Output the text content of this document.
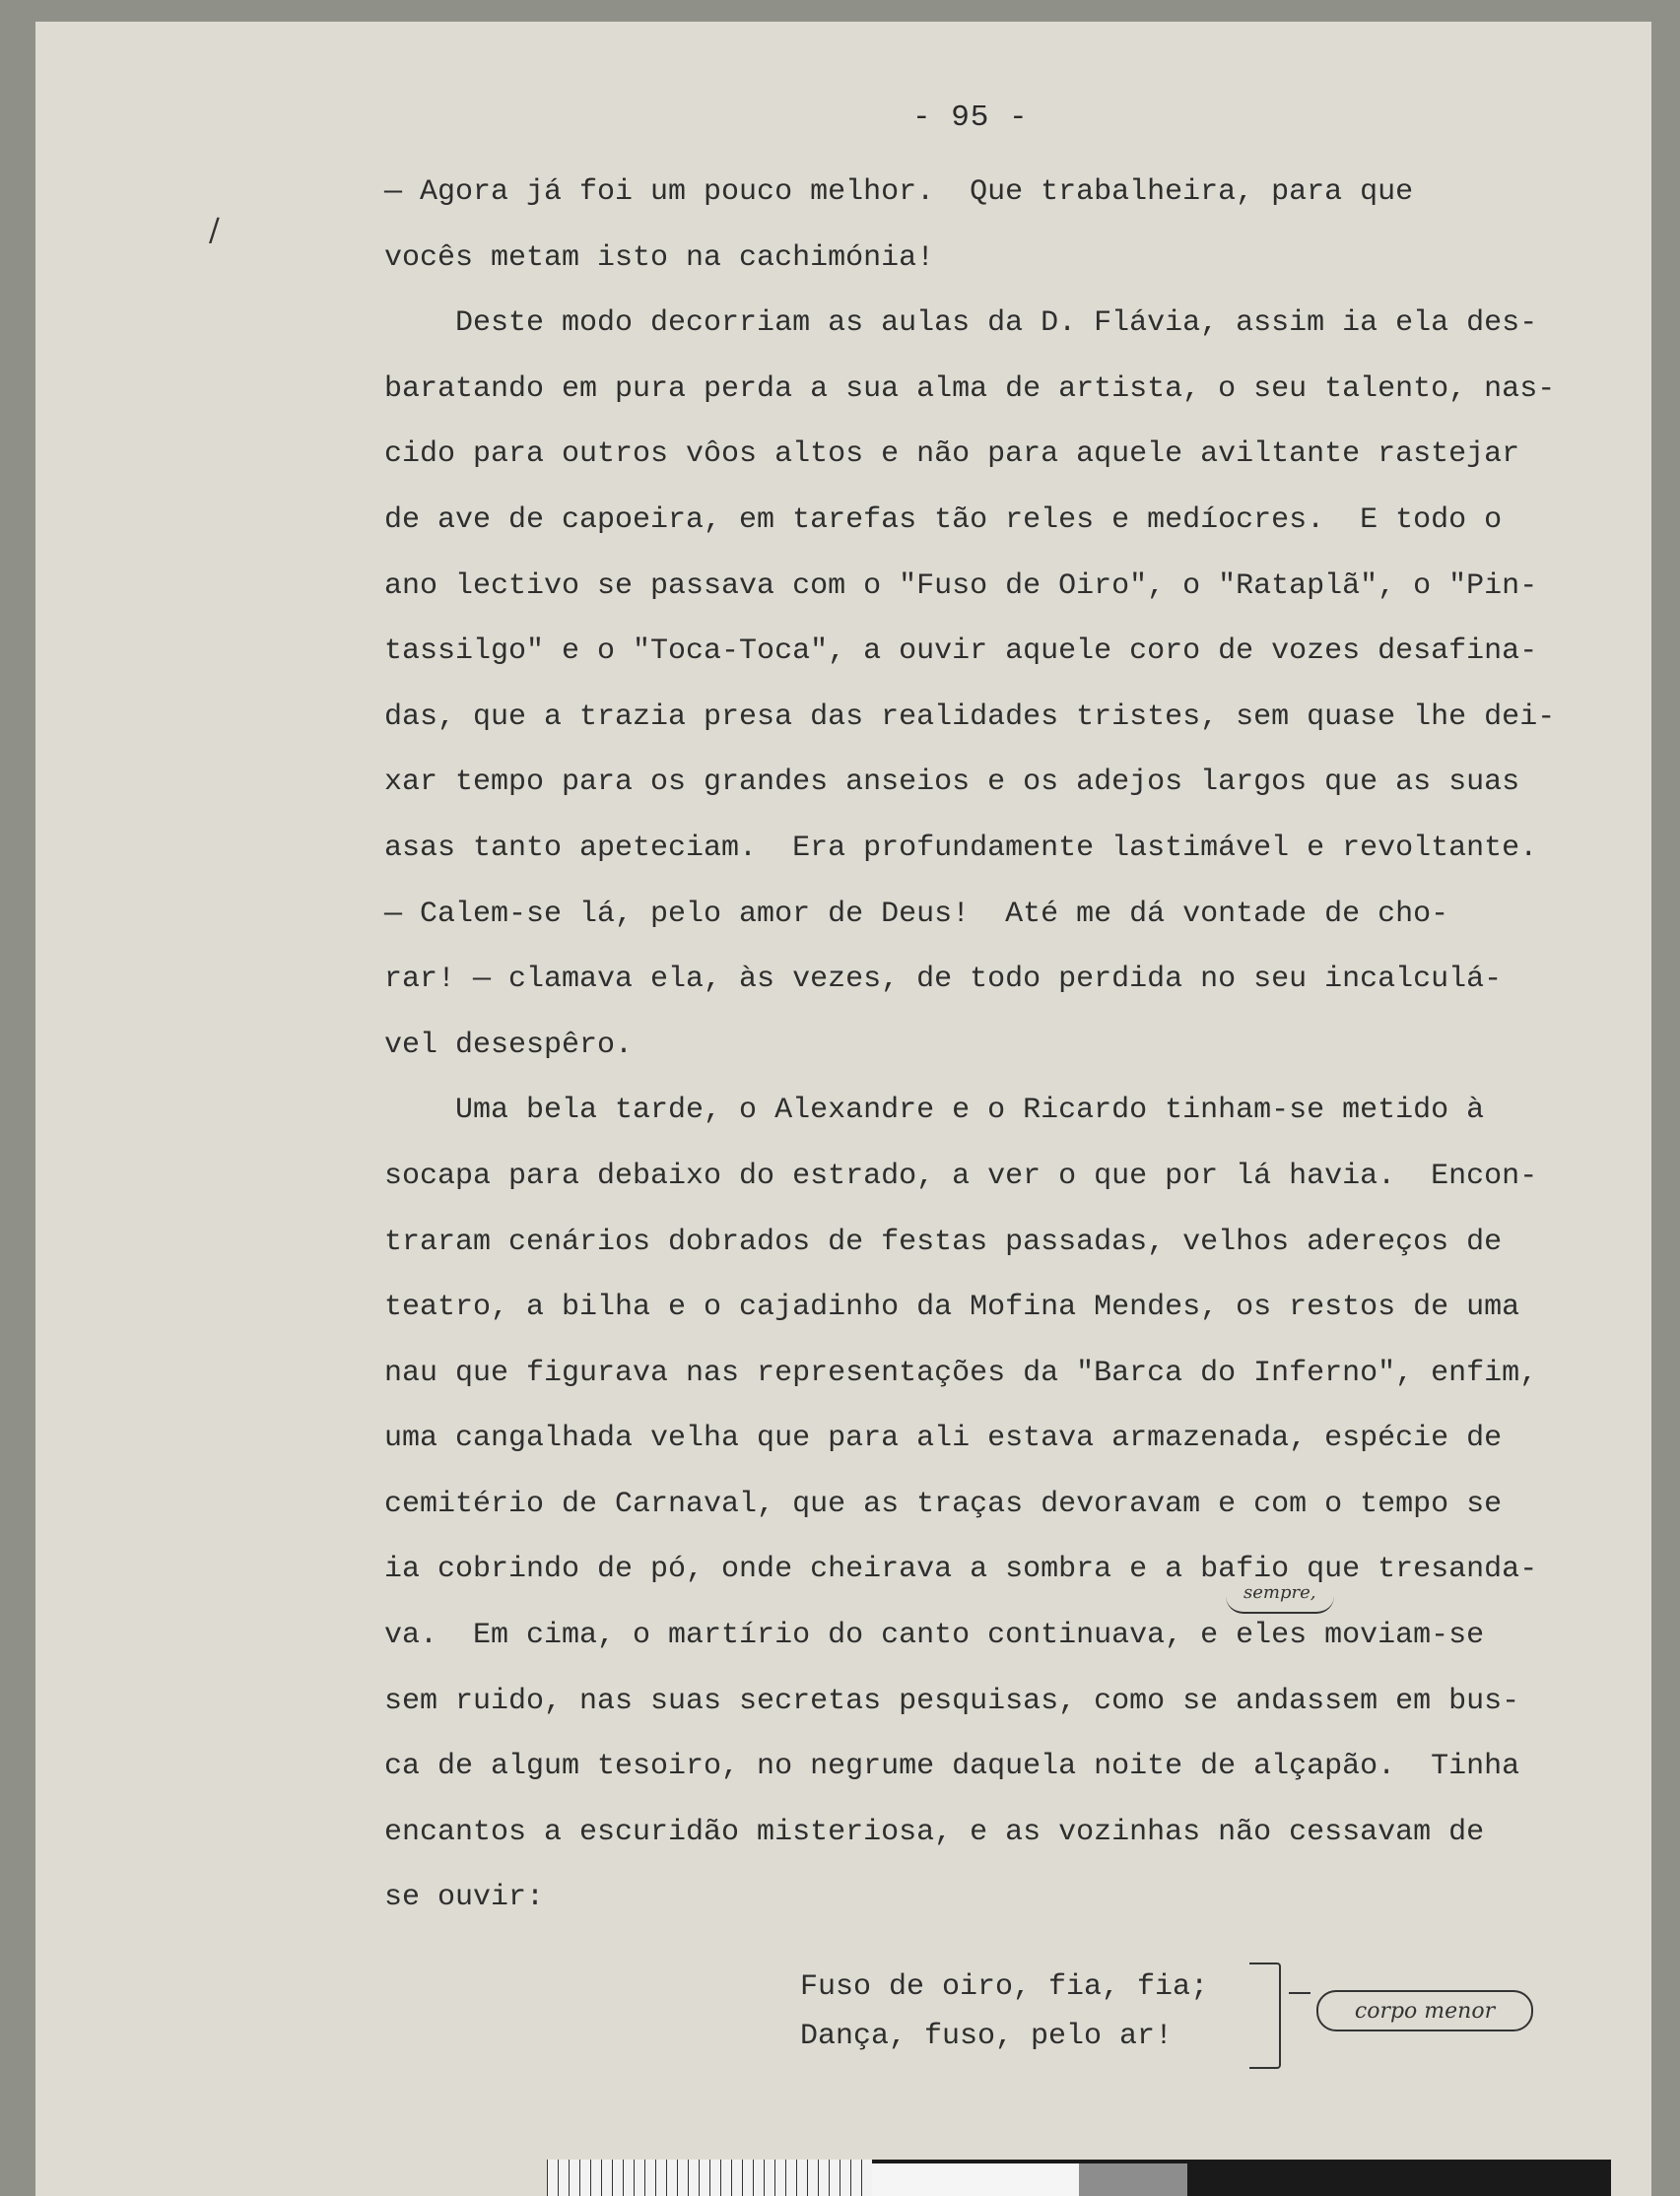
- 95 -
/
— Agora já foi um pouco melhor.  Que trabalheira, para que
vocês metam isto na cachimónia!
Deste modo decorriam as aulas da D. Flávia, assim ia ela des-
baratando em pura perda a sua alma de artista, o seu talento, nas-
cido para outros vôos altos e não para aquele aviltante rastejar
de ave de capoeira, em tarefas tão reles e medíocres.  E todo o
ano lectivo se passava com o "Fuso de Oiro", o "Rataplã", o "Pin-
tassilgo" e o "Toca-Toca", a ouvir aquele coro de vozes desafina-
das, que a trazia presa das realidades tristes, sem quase lhe dei-
xar tempo para os grandes anseios e os adejos largos que as suas
asas tanto apeteciam.  Era profundamente lastimável e revoltante.
— Calem-se lá, pelo amor de Deus!  Até me dá vontade de cho-
rar! — clamava ela, às vezes, de todo perdida no seu incalculá-
vel desespêro.
Uma bela tarde, o Alexandre e o Ricardo tinham-se metido à
socapa para debaixo do estrado, a ver o que por lá havia.  Encon-
traram cenários dobrados de festas passadas, velhos adereços de
teatro, a bilha e o cajadinho da Mofina Mendes, os restos de uma
nau que figurava nas representações da "Barca do Inferno", enfim,
uma cangalhada velha que para ali estava armazenada, espécie de
cemitério de Carnaval, que as traças devoravam e com o tempo se
ia cobrindo de pó, onde cheirava a sombra e a bafio que tresanda-
va.  Em cima, o martírio do canto continuava, e eles moviam-se
sem ruido, nas suas secretas pesquisas, como se andassem em bus-
ca de algum tesoiro, no negrume daquela noite de alçapão.  Tinha
encantos a escuridão misteriosa, e as vozinhas não cessavam de
se ouvir:
sempre,
Fuso de oiro, fia, fia;
Dança, fuso, pelo ar!
corpo menor
